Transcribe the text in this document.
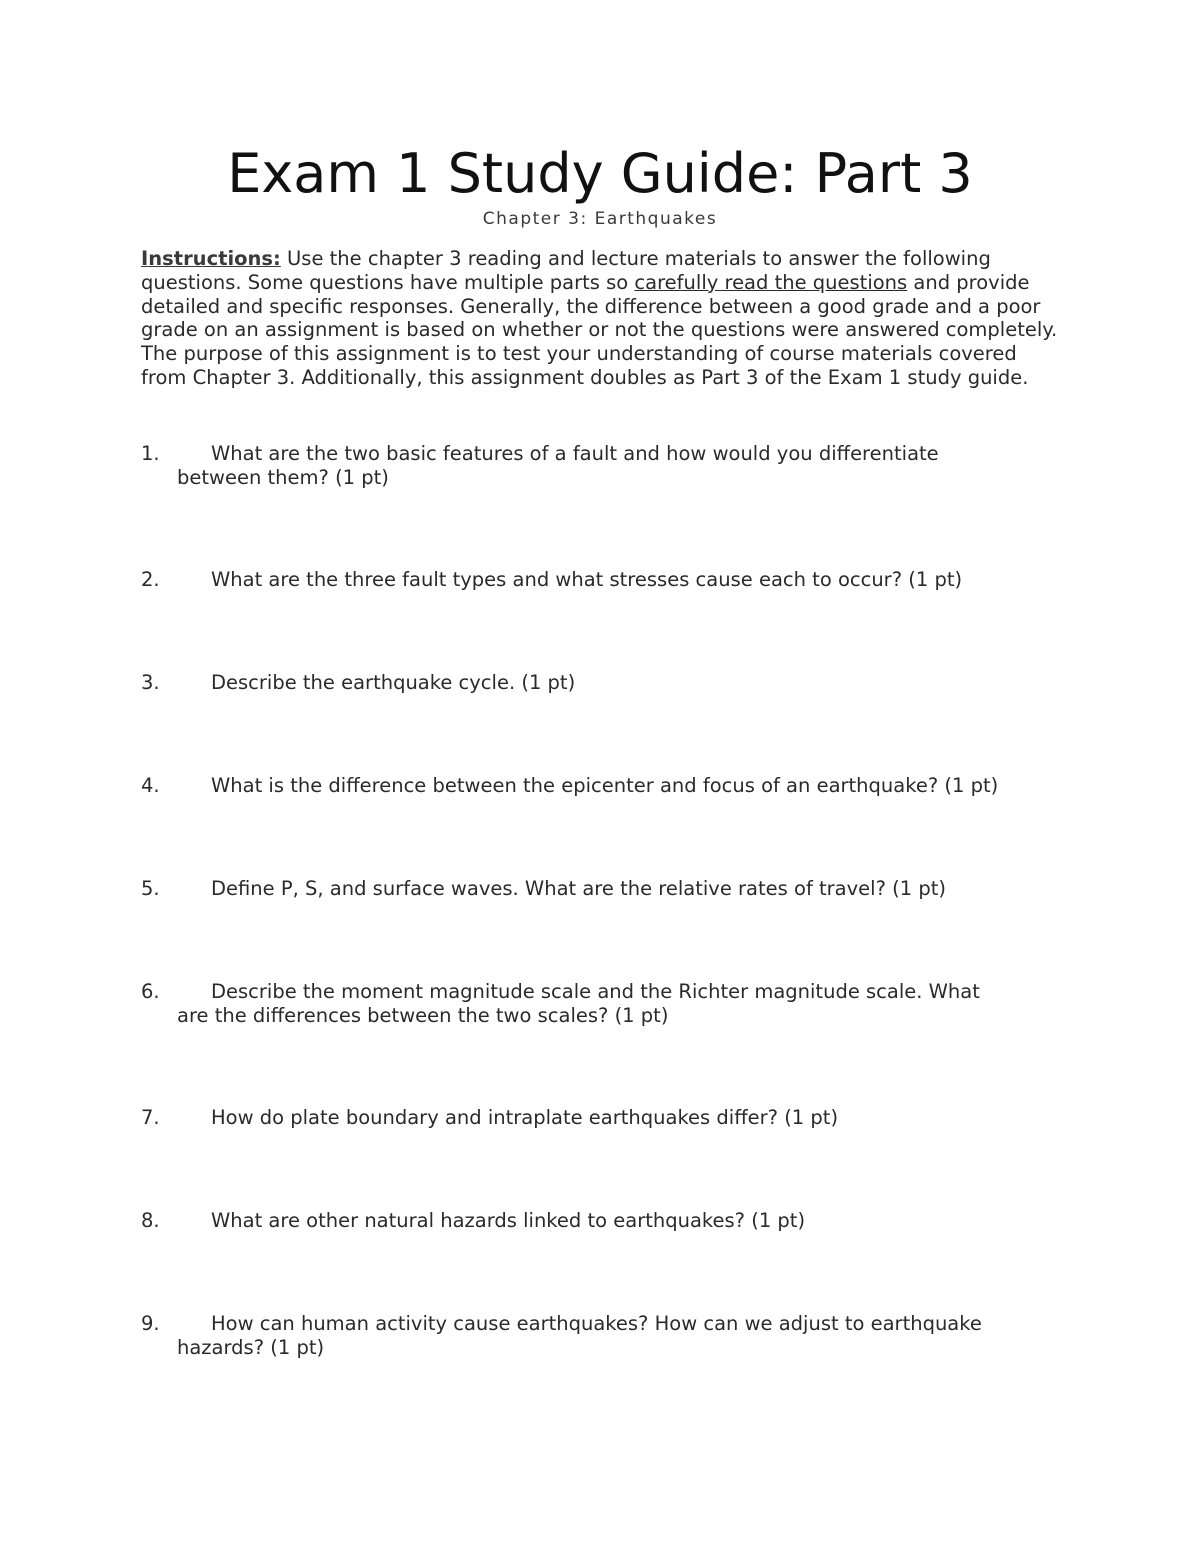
Exam 1 Study Guide: Part 3
Chapter 3: Earthquakes

Instructions: Use the chapter 3 reading and lecture materials to answer the following questions. Some questions have multiple parts so carefully read the questions and provide detailed and specific responses. Generally, the difference between a good grade and a poor grade on an assignment is based on whether or not the questions were answered completely. The purpose of this assignment is to test your understanding of course materials covered from Chapter 3. Additionally, this assignment doubles as Part 3 of the Exam 1 study guide.

1.	What are the two basic features of a fault and how would you differentiate
between them? (1 pt)
2.	What are the three fault types and what stresses cause each to occur? (1 pt)
3.	Describe the earthquake cycle. (1 pt)
4.	What is the difference between the epicenter and focus of an earthquake? (1 pt)
5.	Define P, S, and surface waves. What are the relative rates of travel? (1 pt)
6.	Describe the moment magnitude scale and the Richter magnitude scale. What
are the differences between the two scales? (1 pt)
7.	How do plate boundary and intraplate earthquakes differ? (1 pt)
8.	What are other natural hazards linked to earthquakes? (1 pt)
9.	How can human activity cause earthquakes? How can we adjust to earthquake
hazards? (1 pt)
